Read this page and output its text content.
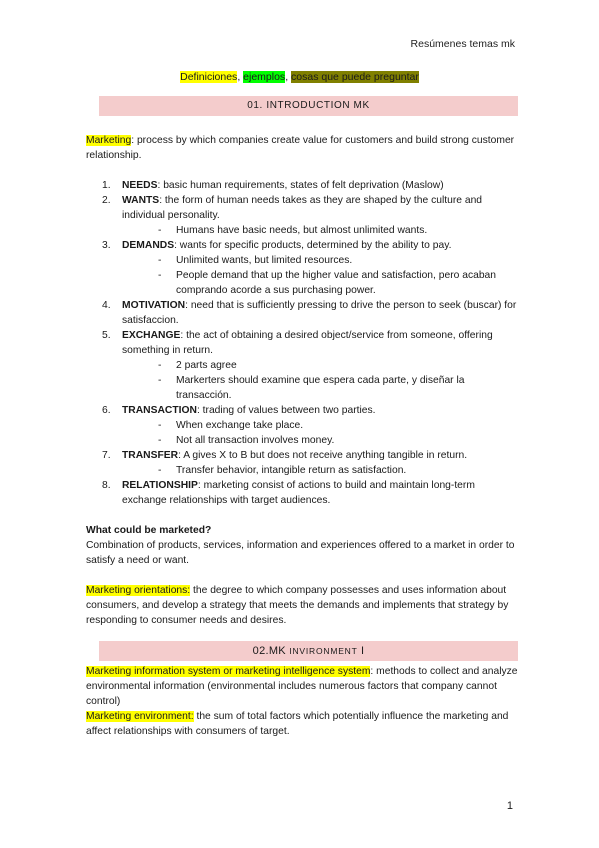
Resúmenes temas mk
Definiciones, ejemplos, cosas que puede preguntar
01. INTRODUCTION MK

Marketing: process by which companies create value for customers and build strong customer relationship.

1. NEEDS: basic human requirements, states of felt deprivation (Maslow)
2. WANTS: the form of human needs takes as they are shaped by the culture and individual personality.
- Humans have basic needs, but almost unlimited wants.
3. DEMANDS: wants for specific products, determined by the ability to pay.
- Unlimited wants, but limited resources.
- People demand that up the higher value and satisfaction, pero acaban comprando acorde a sus purchasing power.
4. MOTIVATION: need that is sufficiently pressing to drive the person to seek (buscar) for satisfaccion.
5. EXCHANGE: the act of obtaining a desired object/service from someone, offering something in return.
- 2 parts agree
- Markerters should examine que espera cada parte, y diseñar la transacción.
6. TRANSACTION: trading of values between two parties.
- When exchange take place.
- Not all transaction involves money.
7. TRANSFER: A gives X to B but does not receive anything tangible in return.
- Transfer behavior, intangible return as satisfaction.
8. RELATIONSHIP: marketing consist of actions to build and maintain long-term exchange relationships with target audiences.

What could be marketed?

Combination of products, services, information and experiences offered to a market in order to satisfy a need or want.

Marketing orientations: the degree to which company possesses and uses information about consumers, and develop a strategy that meets the demands and implements that strategy by responding to consumer needs and desires.

02.MK INVIRONMENT I

Marketing information system or marketing intelligence system: methods to collect and analyze environmental information (environmental includes numerous factors that company cannot control)

Marketing environment: the sum of total factors which potentially influence the marketing and affect relationships with consumers of target.

1
